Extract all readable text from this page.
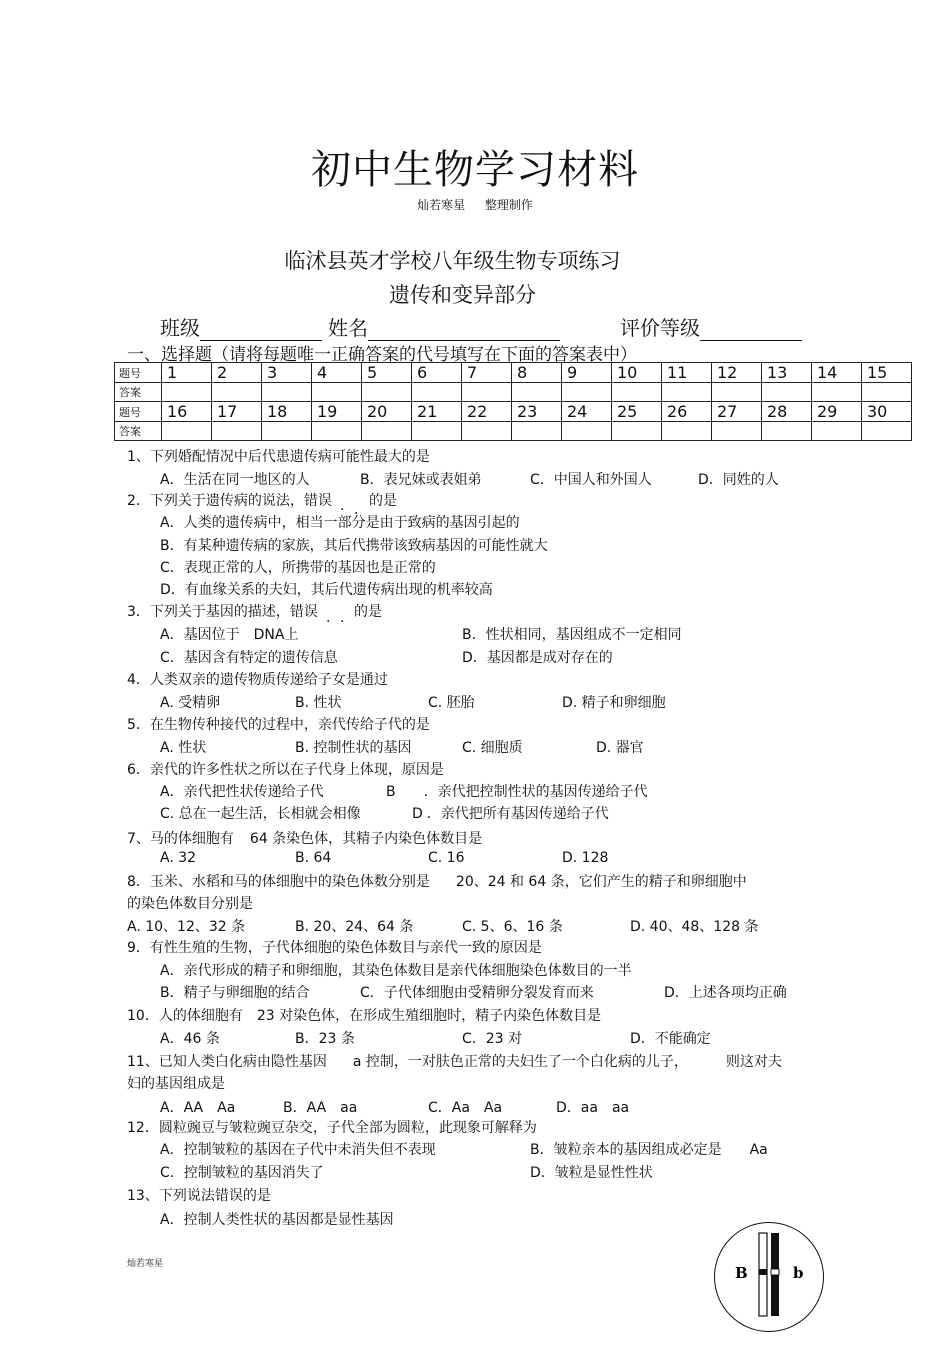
初中生物学习材料
灿若寒星 整理制作
临沭县英才学校八年级生物专项练习
遗传和变异部分
班级	姓名	评价等级
一、选择题（请将每题唯一正确答案的代号填写在下面的答案表中）
题号	1	2	3	4	5	6	7	8	9	10	11	12	13	14	15
答案															
题号	16	17	18	19	20	21	22	23	24	25	26	27	28	29	30
答案															
1、下列婚配情况中后代患遗传病可能性最大的是
A．生活在同一地区的人	B．表兄妹或表姐弟	C．中国人和外国人	D．同姓的人
2．下列关于遗传病的说法，错误	的是
. .
A．人类的遗传病中，相当一部分是由于致病的基因引起的
B．有某种遗传病的家族，其后代携带该致病基因的可能性就大
C．表现正常的人，所携带的基因也是正常的
D．有血缘关系的夫妇，其后代遗传病出现的机率较高
3．下列关于基因的描述，错误	的是
. .
A．基因位于 DNA上	B．性状相同，基因组成不一定相同
C．基因含有特定的遗传信息	D．基因都是成对存在的
4．人类双亲的遗传物质传递给子女是通过
A. 受精卵	B. 性状	C. 胚胎	D. 精子和卵细胞
5．在生物传种接代的过程中，亲代传给子代的是
A. 性状	B. 控制性状的基因	C. 细胞质	D. 器官
6．亲代的许多性状之所以在子代身上体现，原因是
A．亲代把性状传递给子代	B ．亲代把控制性状的基因传递给子代
C. 总在一起生活，长相就会相像	D ．亲代把所有基因传递给子代
7、马的体细胞有 64 条染色体，其精子内染色体数目是
A. 32	B. 64	C. 16	D. 128
8．玉米、水稻和马的体细胞中的染色体数分别是 20、24 和 64 条，它们产生的精子和卵细胞中
的染色体数目分别是
A. 10、12、32 条	B. 20、24、64 条	C. 5、6、16 条	D. 40、48、128 条
9．有性生殖的生物，子代体细胞的染色体数目与亲代一致的原因是
A．亲代形成的精子和卵细胞，其染色体数目是亲代体细胞染色体数目的一半
B．精子与卵细胞的结合	C．子代体细胞由受精卵分裂发育而来	D．上述各项均正确
10．人的体细胞有 23 对染色体，在形成生殖细胞时，精子内染色体数目是
A．46 条	B．23 条	C．23 对	D．不能确定
11、已知人类白化病由隐性基因 a 控制，一对肤色正常的夫妇生了一个白化病的儿子，	则这对夫
妇的基因组成是
A．AA　Aa	B．AA　aa	C．Aa　Aa	D．aa　aa
12．圆粒豌豆与皱粒豌豆杂交，子代全部为圆粒，此现象可解释为
A．控制皱粒的基因在子代中未消失但不表现	B．皱粒亲本的基因组成必定是 Aa
C．控制皱粒的基因消失了	D．皱粒是显性性状
13、下列说法错误的是
A．控制人类性状的基因都是显性基因
灿若寒星	B	b
